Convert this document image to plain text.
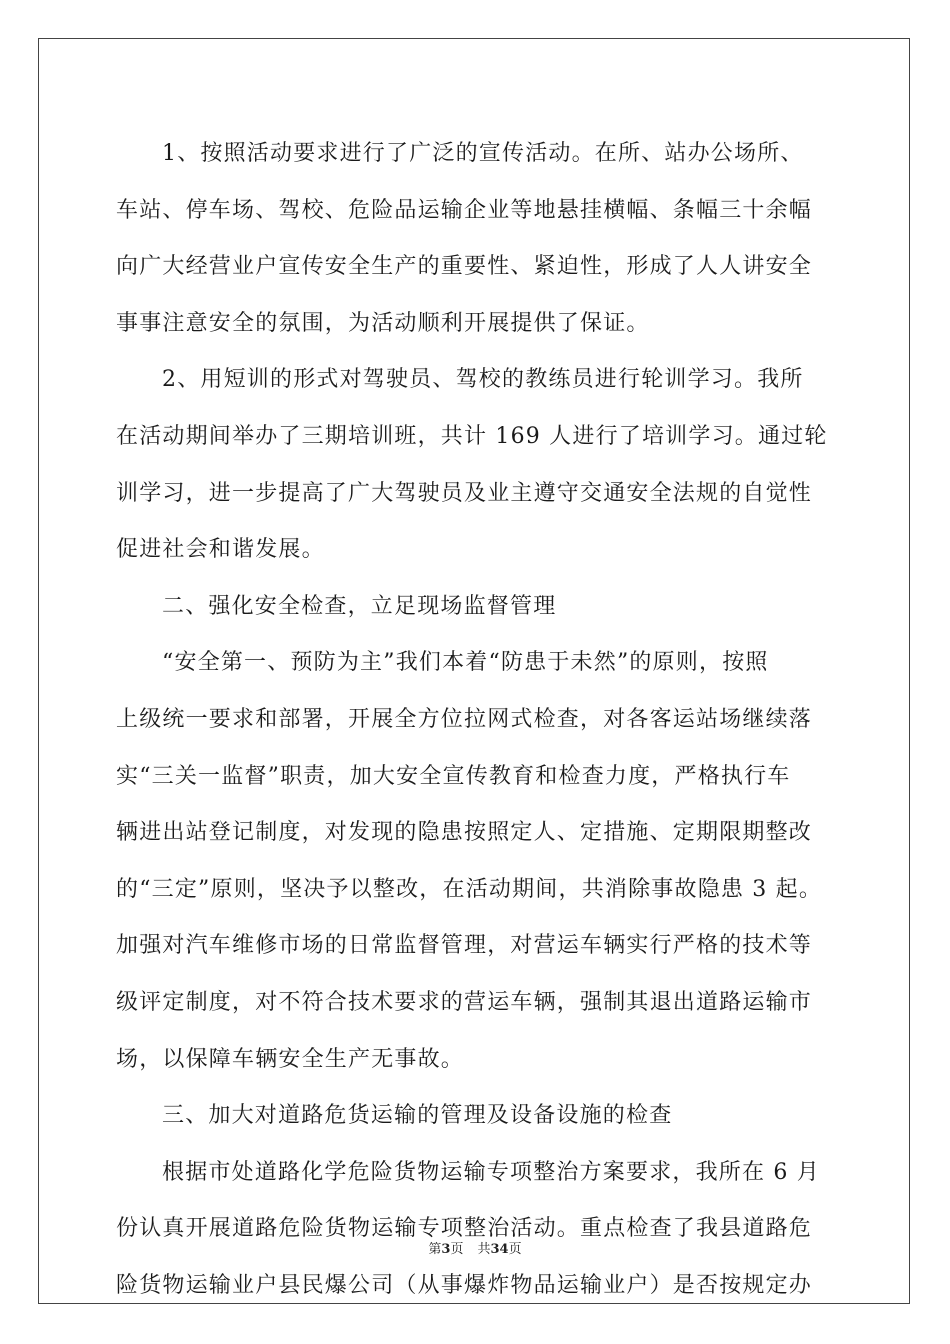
1、按照活动要求进行了广泛的宣传活动。在所、站办公场所、
车站、停车场、驾校、危险品运输企业等地悬挂横幅、条幅三十余幅
向广大经营业户宣传安全生产的重要性、紧迫性，形成了人人讲安全
事事注意安全的氛围，为活动顺利开展提供了保证。
2、用短训的形式对驾驶员、驾校的教练员进行轮训学习。我所
在活动期间举办了三期培训班，共计 169 人进行了培训学习。通过轮
训学习，进一步提高了广大驾驶员及业主遵守交通安全法规的自觉性
促进社会和谐发展。
二、强化安全检查，立足现场监督管理
“安全第一、预防为主”我们本着“防患于未然”的原则，按照
上级统一要求和部署，开展全方位拉网式检查，对各客运站场继续落
实“三关一监督”职责，加大安全宣传教育和检查力度，严格执行车
辆进出站登记制度，对发现的隐患按照定人、定措施、定期限期整改
的“三定”原则，坚决予以整改，在活动期间，共消除事故隐患 3 起。
加强对汽车维修市场的日常监督管理，对营运车辆实行严格的技术等
级评定制度，对不符合技术要求的营运车辆，强制其退出道路运输市
场，以保障车辆安全生产无事故。
三、加大对道路危货运输的管理及设备设施的检查
根据市处道路化学危险货物运输专项整治方案要求，我所在 6 月
份认真开展道路危险货物运输专项整治活动。重点检查了我县道路危
险货物运输业户县民爆公司（从事爆炸物品运输业户）是否按规定办
第3页 共34页
